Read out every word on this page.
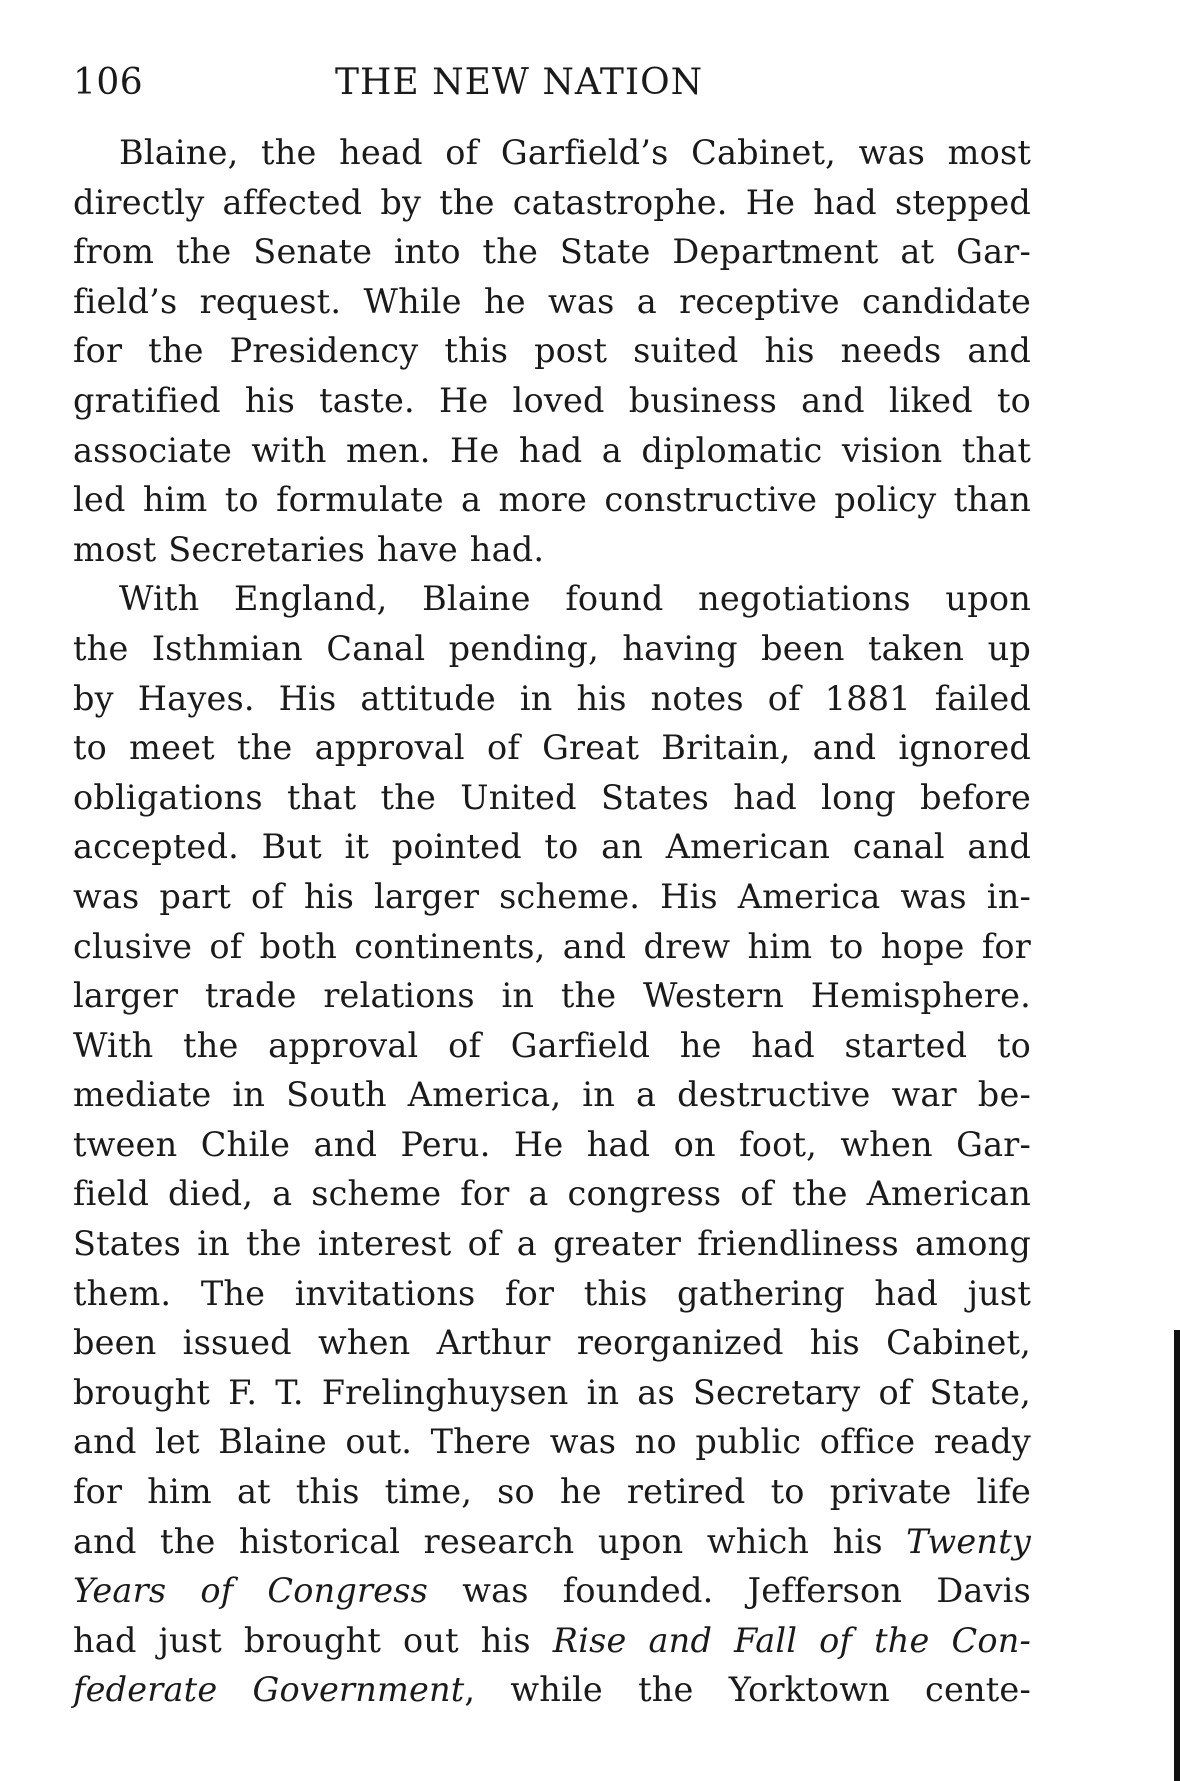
106	THE NEW NATION
Blaine, the head of Garfield’s Cabinet, was most
directly affected by the catastrophe. He had stepped
from the Senate into the State Department at Gar-
field’s request. While he was a receptive candidate
for the Presidency this post suited his needs and
gratified his taste. He loved business and liked to
associate with men. He had a diplomatic vision that
led him to formulate a more constructive policy than
most Secretaries have had.
With England, Blaine found negotiations upon
the Isthmian Canal pending, having been taken up
by Hayes. His attitude in his notes of 1881 failed
to meet the approval of Great Britain, and ignored
obligations that the United States had long before
accepted. But it pointed to an American canal and
was part of his larger scheme. His America was in-
clusive of both continents, and drew him to hope for
larger trade relations in the Western Hemisphere.
With the approval of Garfield he had started to
mediate in South America, in a destructive war be-
tween Chile and Peru. He had on foot, when Gar-
field died, a scheme for a congress of the American
States in the interest of a greater friendliness among
them. The invitations for this gathering had just
been issued when Arthur reorganized his Cabinet,
brought F. T. Frelinghuysen in as Secretary of State,
and let Blaine out. There was no public office ready
for him at this time, so he retired to private life
and the historical research upon which his Twenty
Years of Congress was founded. Jefferson Davis
had just brought out his Rise and Fall of the Con-
federate Government, while the Yorktown cente-
